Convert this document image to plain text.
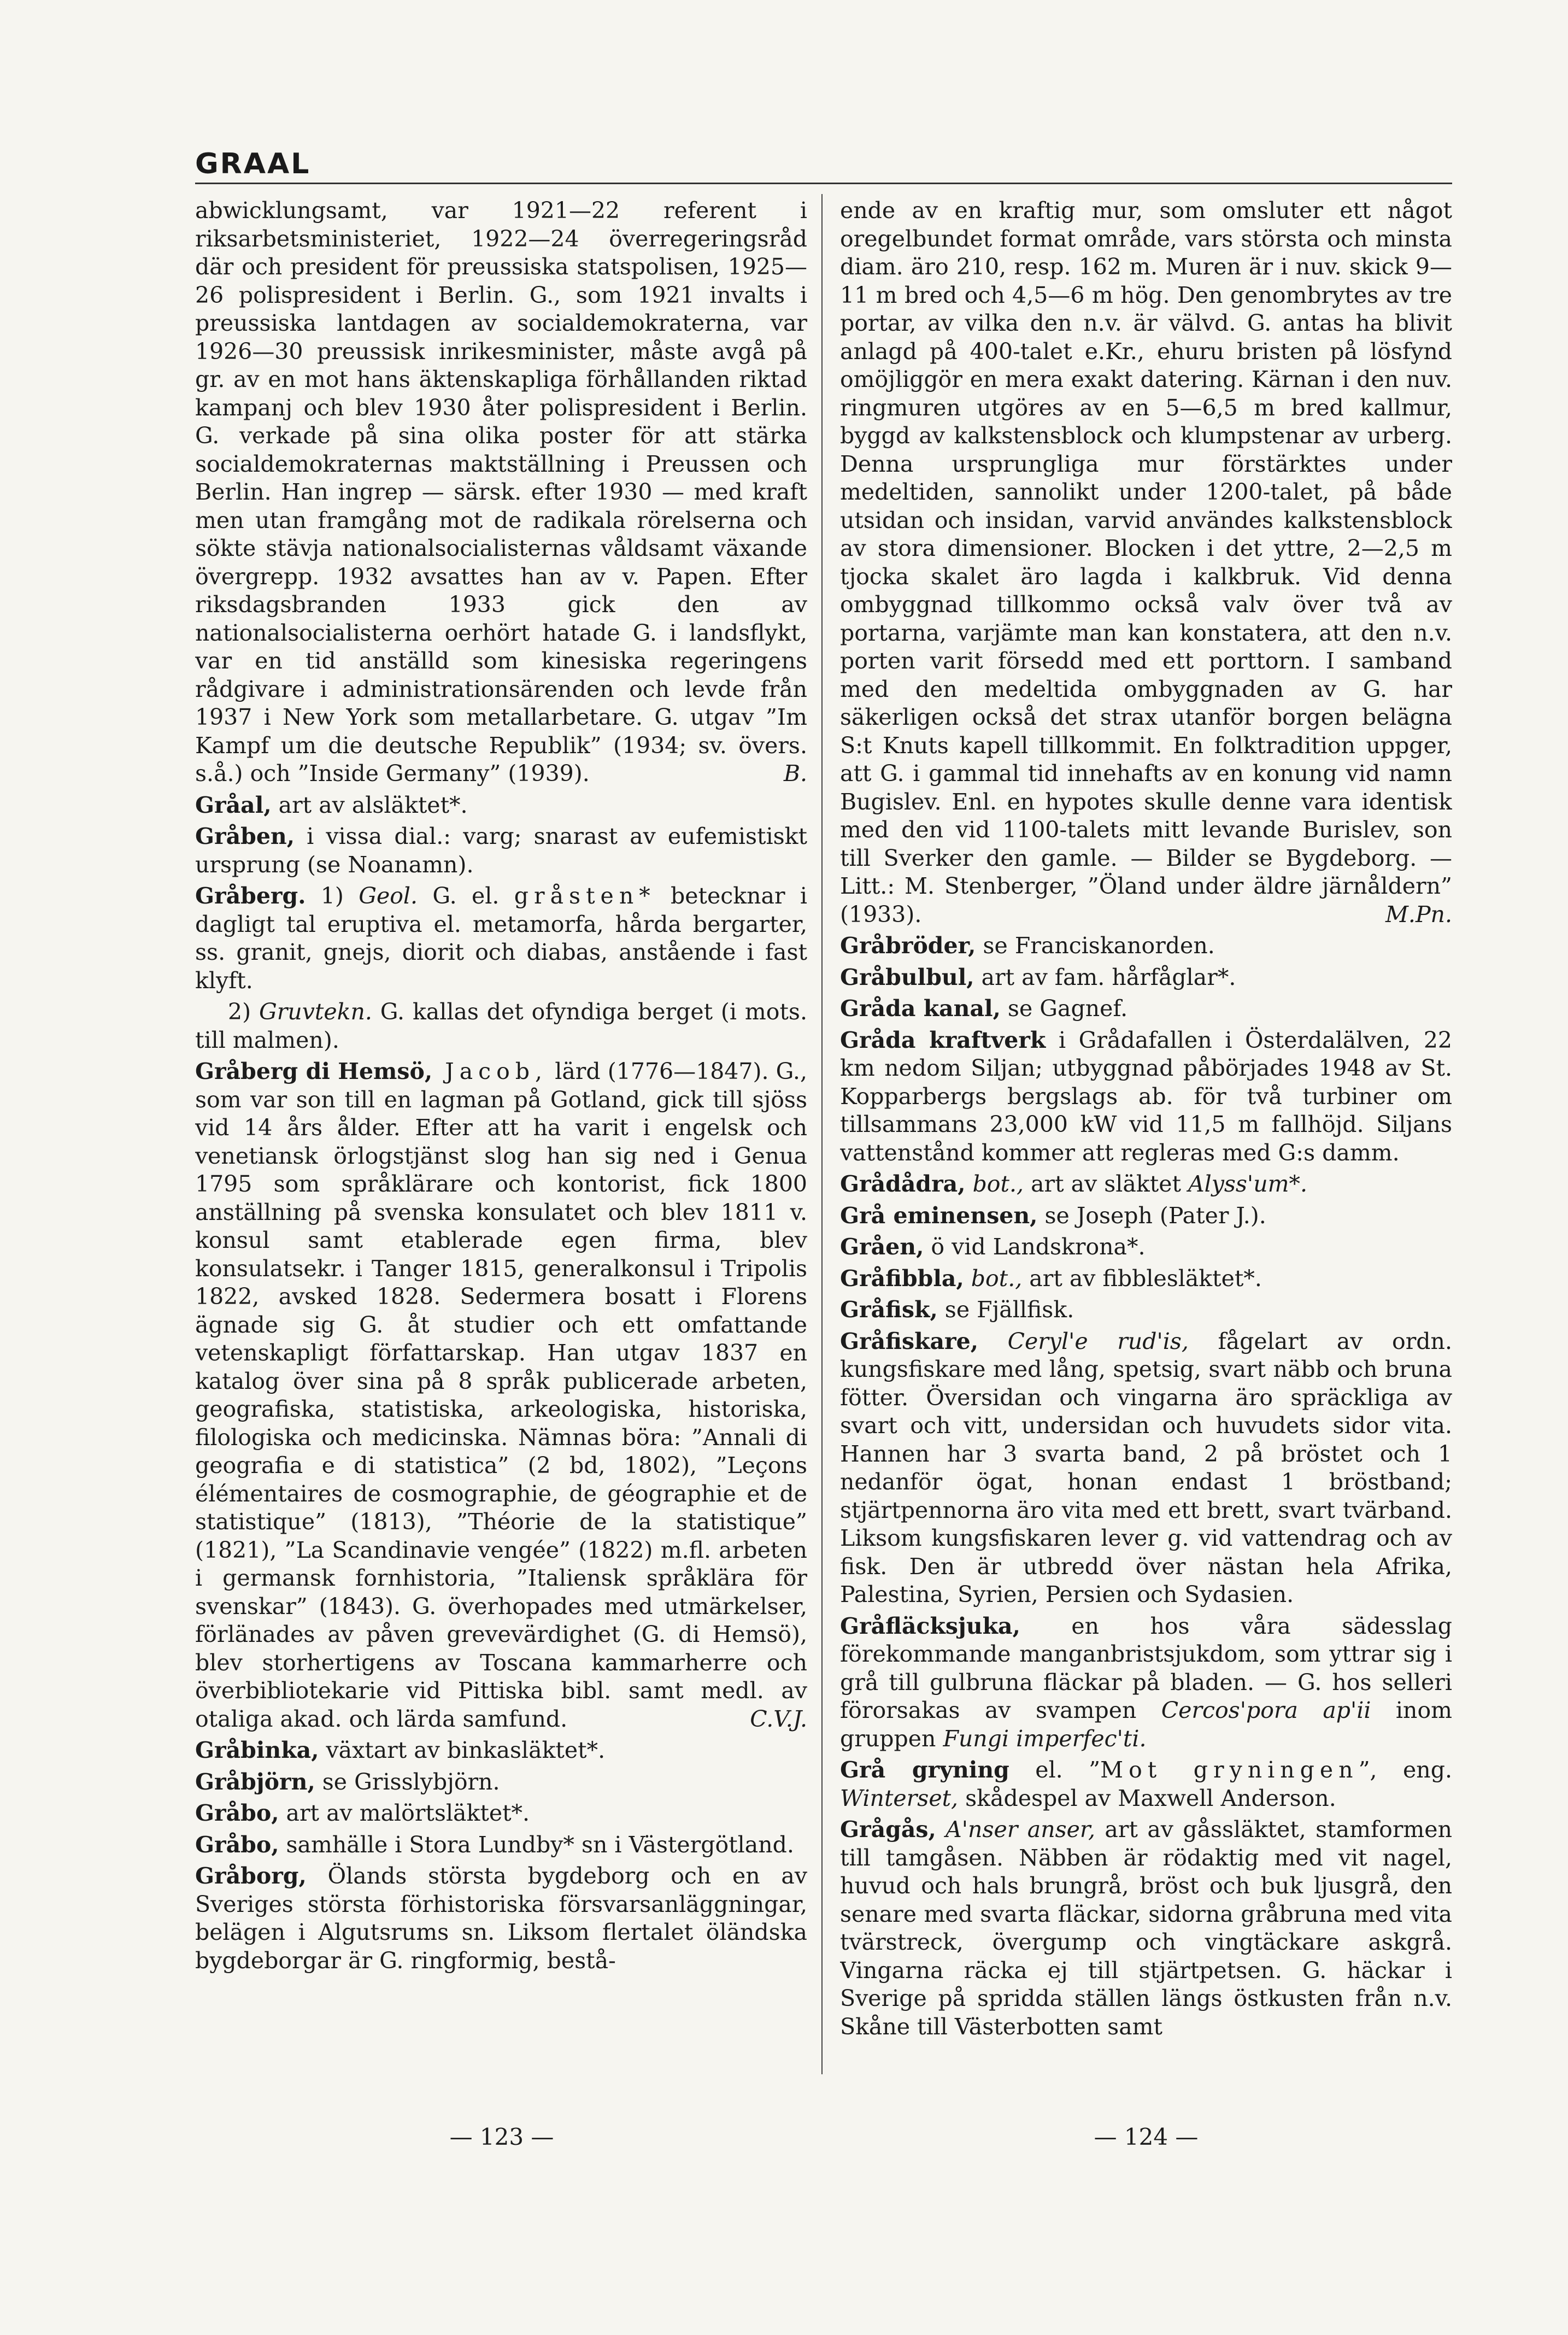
GRAAL

abwicklungsamt, var 1921—22 referent i riksarbetsministeriet, 1922—24 överregeringsråd där och president för preussiska statspolisen, 1925—26 polispresident i Berlin. G., som 1921 invalts i preussiska lantdagen av socialdemokraterna, var 1926—30 preussisk inrikesminister, måste avgå på gr. av en mot hans äktenskapliga förhållanden riktad kampanj och blev 1930 åter polispresident i Berlin. G. verkade på sina olika poster för att stärka socialdemokraternas maktställning i Preussen och Berlin. Han ingrep — särsk. efter 1930 — med kraft men utan framgång mot de radikala rörelserna och sökte stävja nationalsocialisternas våldsamt växande övergrepp. 1932 avsattes han av v. Papen. Efter riksdagsbranden 1933 gick den av nationalsocialisterna oerhört hatade G. i landsflykt, var en tid anställd som kinesiska regeringens rådgivare i administrationsärenden och levde från 1937 i New York som metallarbetare. G. utgav ”Im Kampf um die deutsche Republik” (1934; sv. övers. s.å.) och ”Inside Germany” (1939).	B.

Gråal, art av alsläktet*.

Gråben, i vissa dial.: varg; snarast av eufemistiskt ursprung (se Noanamn).

Gråberg. 1) Geol. G. el. gråsten* betecknar i dagligt tal eruptiva el. metamorfa, hårda bergarter, ss. granit, gnejs, diorit och diabas, anstående i fast klyft.

2) Gruvtekn. G. kallas det ofyndiga berget (i mots. till malmen).

Gråberg di Hemsö, Jacob, lärd (1776—1847). G., som var son till en lagman på Gotland, gick till sjöss vid 14 års ålder. Efter att ha varit i engelsk och venetiansk örlogstjänst slog han sig ned i Genua 1795 som språklärare och kontorist, fick 1800 anställning på svenska konsulatet och blev 1811 v. konsul samt etablerade egen firma, blev konsulatsekr. i Tanger 1815, generalkonsul i Tripolis 1822, avsked 1828. Sedermera bosatt i Florens ägnade sig G. åt studier och ett omfattande vetenskapligt författarskap. Han utgav 1837 en katalog över sina på 8 språk publicerade arbeten, geografiska, statistiska, arkeologiska, historiska, filologiska och medicinska. Nämnas böra: ”Annali di geografia e di statistica” (2 bd, 1802), ”Leçons élémentaires de cosmographie, de géographie et de statistique” (1813), ”Théorie de la statistique” (1821), ”La Scandinavie vengée” (1822) m.fl. arbeten i germansk fornhistoria, ”Italiensk språklära för svenskar” (1843). G. överhopades med utmärkelser, förlänades av påven grevevärdighet (G. di Hemsö), blev storhertigens av Toscana kammarherre och överbibliotekarie vid Pittiska bibl. samt medl. av otaliga akad. och lärda samfund.	C.V.J.

Gråbinka, växtart av binkasläktet*.

Gråbjörn, se Grisslybjörn.

Gråbo, art av malörtsläktet*.

Gråbo, samhälle i Stora Lundby* sn i Västergötland.

Gråborg, Ölands största bygdeborg och en av Sveriges största förhistoriska försvarsanläggningar, belägen i Algutsrums sn. Liksom flertalet öländska bygdeborgar är G. ringformig, bestå-

ende av en kraftig mur, som omsluter ett något oregelbundet format område, vars största och minsta diam. äro 210, resp. 162 m. Muren är i nuv. skick 9—11 m bred och 4,5—6 m hög. Den genombrytes av tre portar, av vilka den n.v. är välvd. G. antas ha blivit anlagd på 400-talet e.Kr., ehuru bristen på lösfynd omöjliggör en mera exakt datering. Kärnan i den nuv. ringmuren utgöres av en 5—6,5 m bred kallmur, byggd av kalkstensblock och klumpstenar av urberg. Denna ursprungliga mur förstärktes under medeltiden, sannolikt under 1200-talet, på både utsidan och insidan, varvid användes kalkstensblock av stora dimensioner. Blocken i det yttre, 2—2,5 m tjocka skalet äro lagda i kalkbruk. Vid denna ombyggnad tillkommo också valv över två av portarna, varjämte man kan konstatera, att den n.v. porten varit försedd med ett porttorn. I samband med den medeltida ombyggnaden av G. har säkerligen också det strax utanför borgen belägna S:t Knuts kapell tillkommit. En folktradition uppger, att G. i gammal tid innehafts av en konung vid namn Bugislev. Enl. en hypotes skulle denne vara identisk med den vid 1100-talets mitt levande Burislev, son till Sverker den gamle. — Bilder se Bygdeborg. — Litt.: M. Stenberger, ”Öland under äldre järnåldern” (1933).	M.Pn.

Gråbröder, se Franciskanorden.

Gråbulbul, art av fam. hårfåglar*.

Gråda kanal, se Gagnef.

Gråda kraftverk i Grådafallen i Österdalälven, 22 km nedom Siljan; utbyggnad påbörjades 1948 av St. Kopparbergs bergslags ab. för två turbiner om tillsammans 23,000 kW vid 11,5 m fallhöjd. Siljans vattenstånd kommer att regleras med G:s damm.

Grådådra, bot., art av släktet Alyss'um*.

Grå eminensen, se Joseph (Pater J.).

Gråen, ö vid Landskrona*.

Gråfibbla, bot., art av fibblesläktet*.

Gråfisk, se Fjällfisk.

Gråfiskare, Ceryl'e rud'is, fågelart av ordn. kungsfiskare med lång, spetsig, svart näbb och bruna fötter. Översidan och vingarna äro spräckliga av svart och vitt, undersidan och huvudets sidor vita. Hannen har 3 svarta band, 2 på bröstet och 1 nedanför ögat, honan endast 1 bröstband; stjärtpennorna äro vita med ett brett, svart tvärband. Liksom kungsfiskaren lever g. vid vattendrag och av fisk. Den är utbredd över nästan hela Afrika, Palestina, Syrien, Persien och Sydasien.

Gråfläcksjuka, en hos våra sädesslag förekommande manganbristsjukdom, som yttrar sig i grå till gulbruna fläckar på bladen. — G. hos selleri förorsakas av svampen Cercos'pora ap'ii inom gruppen Fungi imperfec'ti.

Grå gryning el. ”Mot gryningen”, eng. Winterset, skådespel av Maxwell Anderson.

Grågås, A'nser anser, art av gåssläktet, stamformen till tamgåsen. Näbben är rödaktig med vit nagel, huvud och hals brungrå, bröst och buk ljusgrå, den senare med svarta fläckar, sidorna gråbruna med vita tvärstreck, övergump och vingtäckare askgrå. Vingarna räcka ej till stjärtpetsen. G. häckar i Sverige på spridda ställen längs östkusten från n.v. Skåne till Västerbotten samt

— 123 —	— 124 —
